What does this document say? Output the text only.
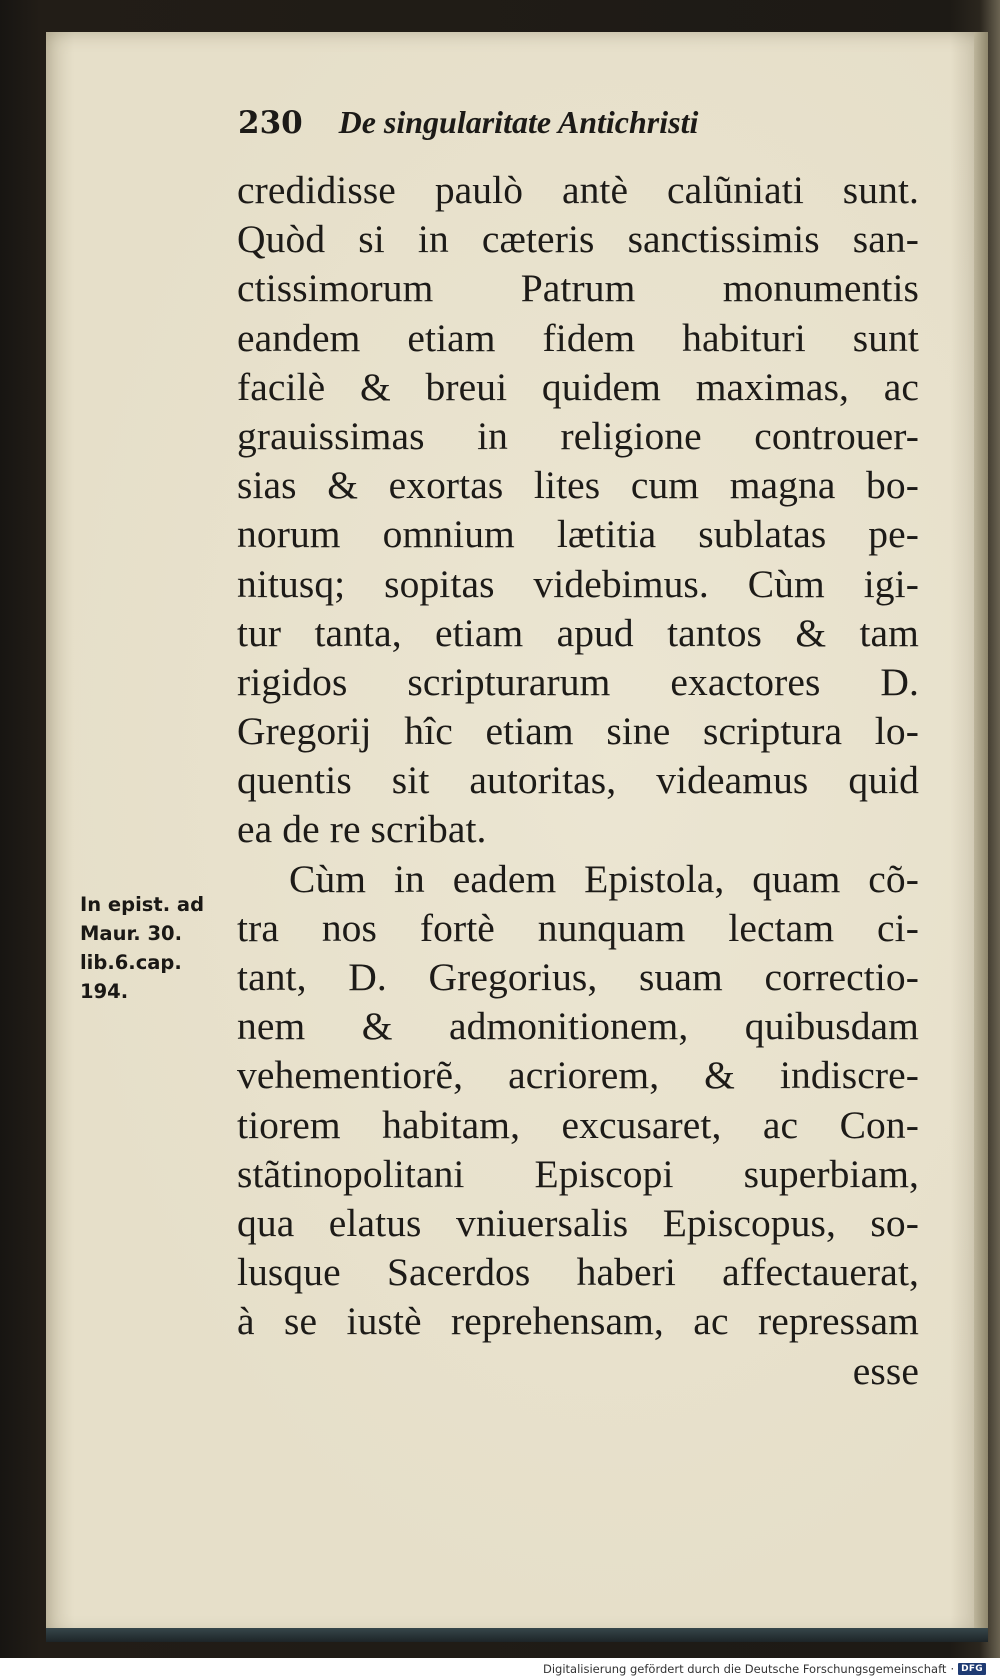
230 De singularitate Antichristi
credidisse paulò antè calũniati sunt.
Quòd si in cæteris sanctissimis san-
ctissimorum Patrum monumentis
eandem etiam fidem habituri sunt
facilè & breui quidem maximas, ac
grauissimas in religione controuer-
sias & exortas lites cum magna bo-
norum omnium lætitia sublatas pe-
nitusq; sopitas videbimus. Cùm igi-
tur tanta, etiam apud tantos & tam
rigidos scripturarum exactores D.
Gregorij hîc etiam sine scriptura lo-
quentis sit autoritas, videamus quid
ea de re scribat.
Cùm in eadem Epistola, quam cõ-
tra nos fortè nunquam lectam ci-
tant, D. Gregorius, suam correctio-
nem & admonitionem, quibusdam
vehementiorẽ, acriorem, & indiscre-
tiorem habitam, excusaret, ac Con-
stãtinopolitani Episcopi superbiam,
qua elatus vniuersalis Episcopus, so-
lusque Sacerdos haberi affectauerat,
à se iustè reprehensam, ac repressam
esse
In epist. ad
Maur. 30.
lib.6.cap.
194.
Digitalisierung gefördert durch die Deutsche Forschungsgemeinschaft · DFG
